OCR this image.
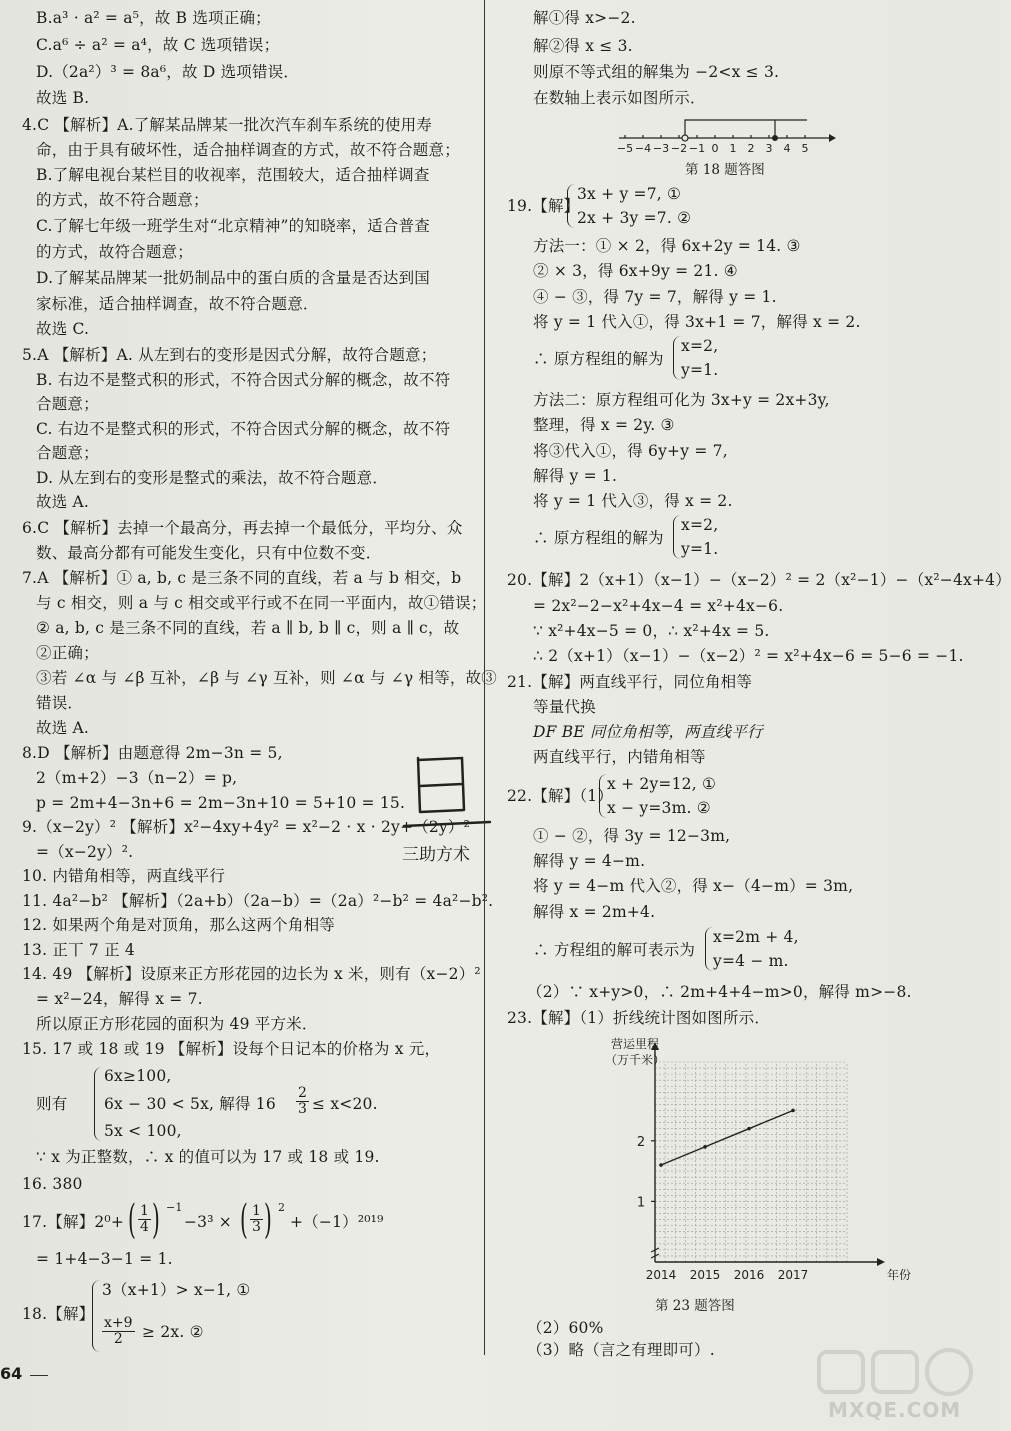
B.a³ · a² = a⁵，故 B 选项正确；
C.a⁶ ÷ a² = a⁴，故 C 选项错误；
D.（2a²）³ = 8a⁶，故 D 选项错误．
故选 B.
4.C 【解析】A.了解某品牌某一批次汽车刹车系统的使用寿
命，由于具有破坏性，适合抽样调查的方式，故不符合题意；
B.了解电视台某栏目的收视率，范围较大，适合抽样调查
的方式，故不符合题意；
C.了解七年级一班学生对“北京精神”的知晓率，适合普查
的方式，故符合题意；
D.了解某品牌某一批奶制品中的蛋白质的含量是否达到国
家标准，适合抽样调查，故不符合题意．
故选 C.
5.A 【解析】A. 从左到右的变形是因式分解，故符合题意；
B. 右边不是整式积的形式，不符合因式分解的概念，故不符
合题意；
C. 右边不是整式积的形式，不符合因式分解的概念，故不符
合题意；
D. 从左到右的变形是整式的乘法，故不符合题意．
故选 A.
6.C 【解析】去掉一个最高分，再去掉一个最低分，平均分、众
数、最高分都有可能发生变化，只有中位数不变．
7.A 【解析】① a, b, c 是三条不同的直线，若 a 与 b 相交，b
与 c 相交，则 a 与 c 相交或平行或不在同一平面内，故①错误；
② a, b, c 是三条不同的直线，若 a ∥ b, b ∥ c，则 a ∥ c，故
②正确；
③若 ∠α 与 ∠β 互补，∠β 与 ∠γ 互补，则 ∠α 与 ∠γ 相等，故③
错误．
故选 A.
8.D 【解析】由题意得 2m−3n = 5,
2（m+2）−3（n−2）= p,
p = 2m+4−3n+6 = 2m−3n+10 = 5+10 = 15.
9.（x−2y）² 【解析】x²−4xy+4y² = x²−2 · x · 2y+（2y）²
=（x−2y）².
10. 内错角相等，两直线平行
11. 4a²−b² 【解析】（2a+b）（2a−b）=（2a）²−b² = 4a²−b².
12. 如果两个角是对顶角，那么这两个角相等
13. 正丅 7 正 4
14. 49 【解析】设原来正方形花园的边长为 x 米，则有（x−2）²
= x²−24，解得 x = 7.
所以原正方形花园的面积为 49 平方米．
15. 17 或 18 或 19 【解析】设每个日记本的价格为 x 元，
6x≥100,
则有 6x − 30 < 5x, 解得 $16 \frac{2}{3} \le x<20$.
5x < 100,
∵ x 为正整数，∴ x 的值可以为 17 或 18 或 19.
16. 380
17.【解】2⁰+ ( $\frac{1}{4}$ ) −1
−3³ × ( $\frac{1}{3}$ ) 2
+（−1）²⁰¹⁹
= 1+4−3−1 = 1.
18.【解】
3（x+1）> x−1, ①
$\frac{x+9}{2} \ge 2x$. ②
三助方术
解①得 x>−2.
解②得 x ≤ 3.
则原不等式组的解集为 −2<x ≤ 3.
在数轴上表示如图所示．
−5 −4 −3 −2 −1 0 1 2 3 4 5
第 18 题答图
19.【解】
3x + y =7, ①
2x + 3y =7. ②
方法一：① × 2，得 6x+2y = 14. ③
② × 3，得 6x+9y = 21. ④
④ − ③，得 7y = 7，解得 y = 1.
将 y = 1 代入①，得 3x+1 = 7，解得 x = 2.
∴ 原方程组的解为
x=2,
y=1.
方法二：原方程组可化为 3x+y = 2x+3y,
整理，得 x = 2y. ③
将③代入①，得 6y+y = 7,
解得 y = 1.
将 y = 1 代入③，得 x = 2.
∴ 原方程组的解为
x=2,
y=1.
20.【解】2（x+1）（x−1）−（x−2）² = 2（x²−1）−（x²−4x+4）
= 2x²−2−x²+4x−4 = x²+4x−6.
∵ x²+4x−5 = 0，∴ x²+4x = 5.
∴ 2（x+1）（x−1）−（x−2）² = x²+4x−6 = 5−6 = −1.
21.【解】两直线平行，同位角相等
等量代换
DF BE 同位角相等，两直线平行
两直线平行，内错角相等
22.【解】（1）
x + 2y=12, ①
x − y=3m. ②
① − ②，得 3y = 12−3m,
解得 y = 4−m.
将 y = 4−m 代入②，得 x−（4−m）= 3m,
解得 x = 2m+4.
∴ 方程组的解可表示为
x=2m + 4,
y=4 − m.
（2）∵ x+y>0，∴ 2m+4+4−m>0，解得 m>−8.
23.【解】（1）折线统计图如图所示．
1
2
2014 2015 2016 2017	年份
营运里程
（万千米）
第 23 题答图
（2）60%
（3）略（言之有理即可）.
64
MXQE.COM
